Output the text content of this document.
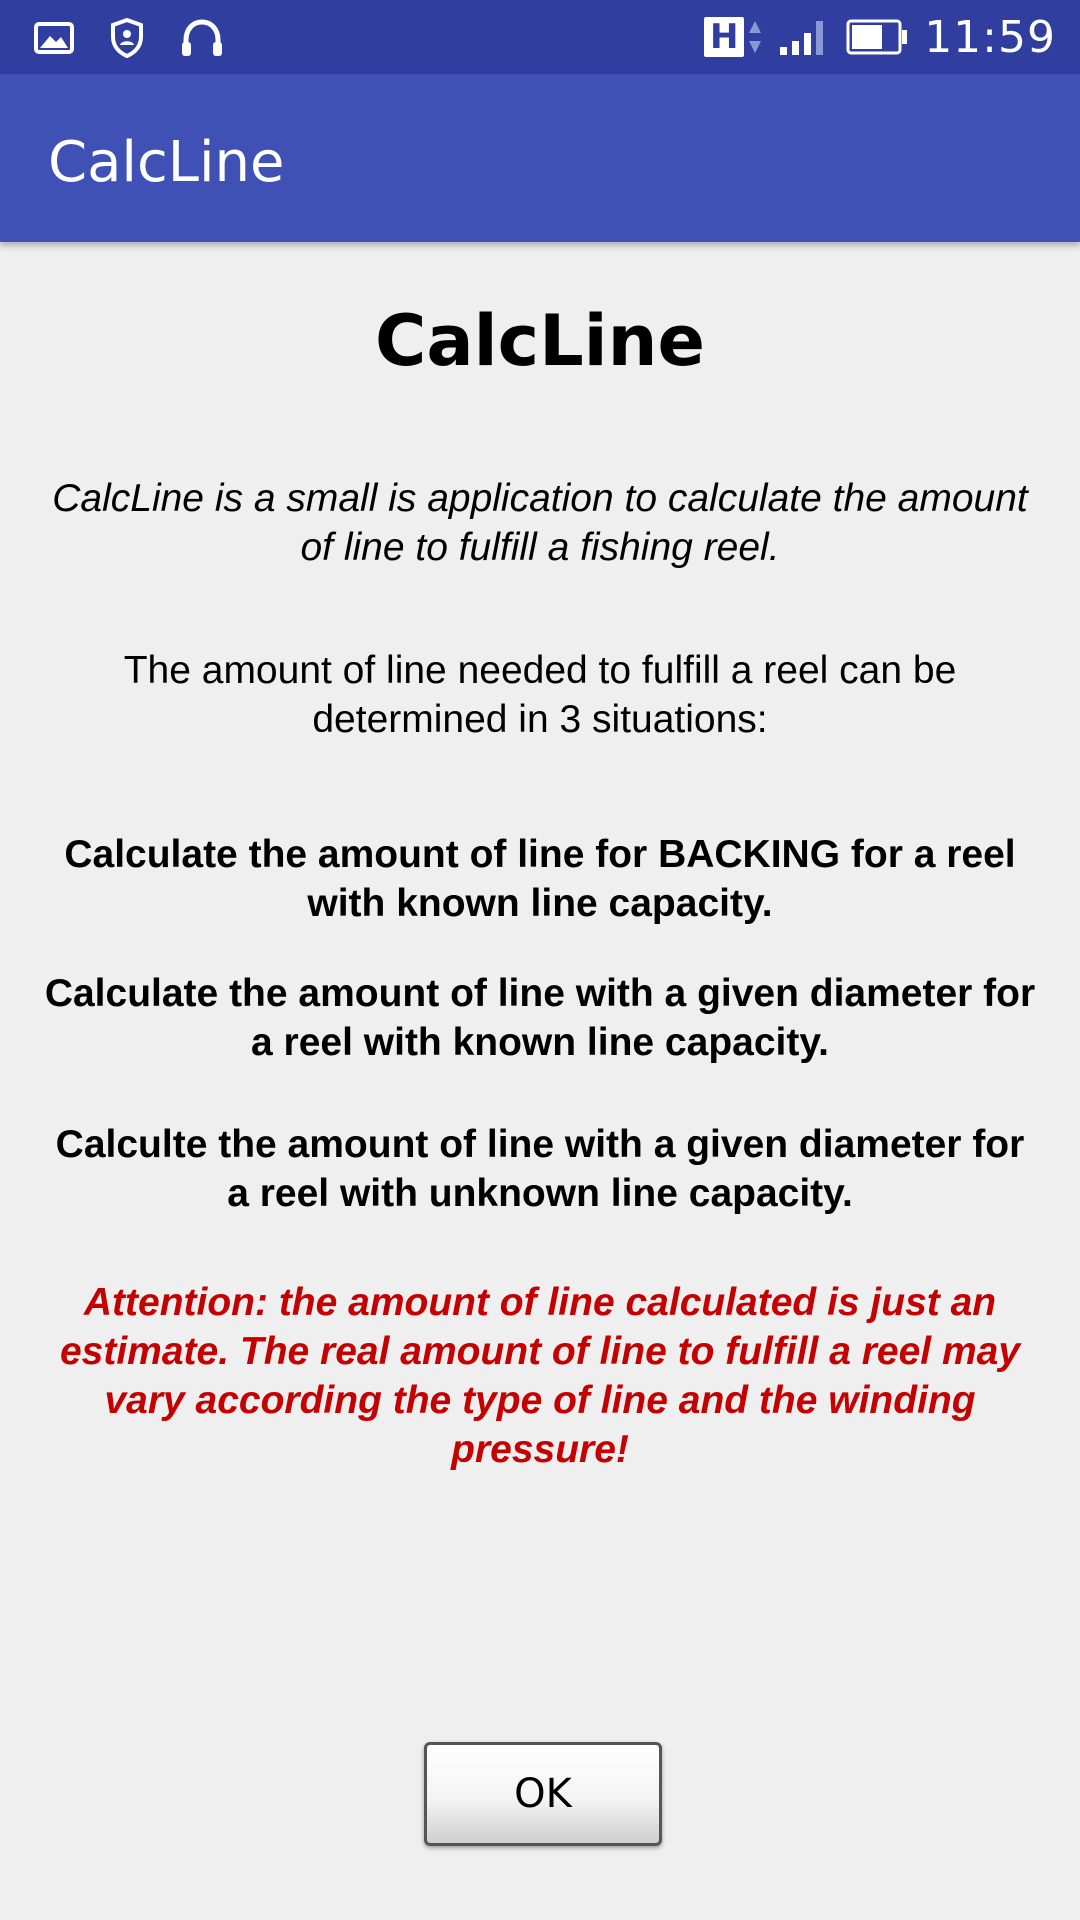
H	11:59
CalcLine
CalcLine
CalcLine is a small is application to calculate the amount of line to fulfill a fishing reel.
The amount of line needed to fulfill a reel can be determined in 3 situations:
Calculate the amount of line for BACKING for a reel with known line capacity.
Calculate the amount of line with a given diameter for a reel with known line capacity.
Calculte the amount of line with a given diameter for a reel with unknown line capacity.
Attention: the amount of line calculated is just an estimate. The real amount of line to fulfill a reel may vary according the type of line and the winding pressure!
OK
